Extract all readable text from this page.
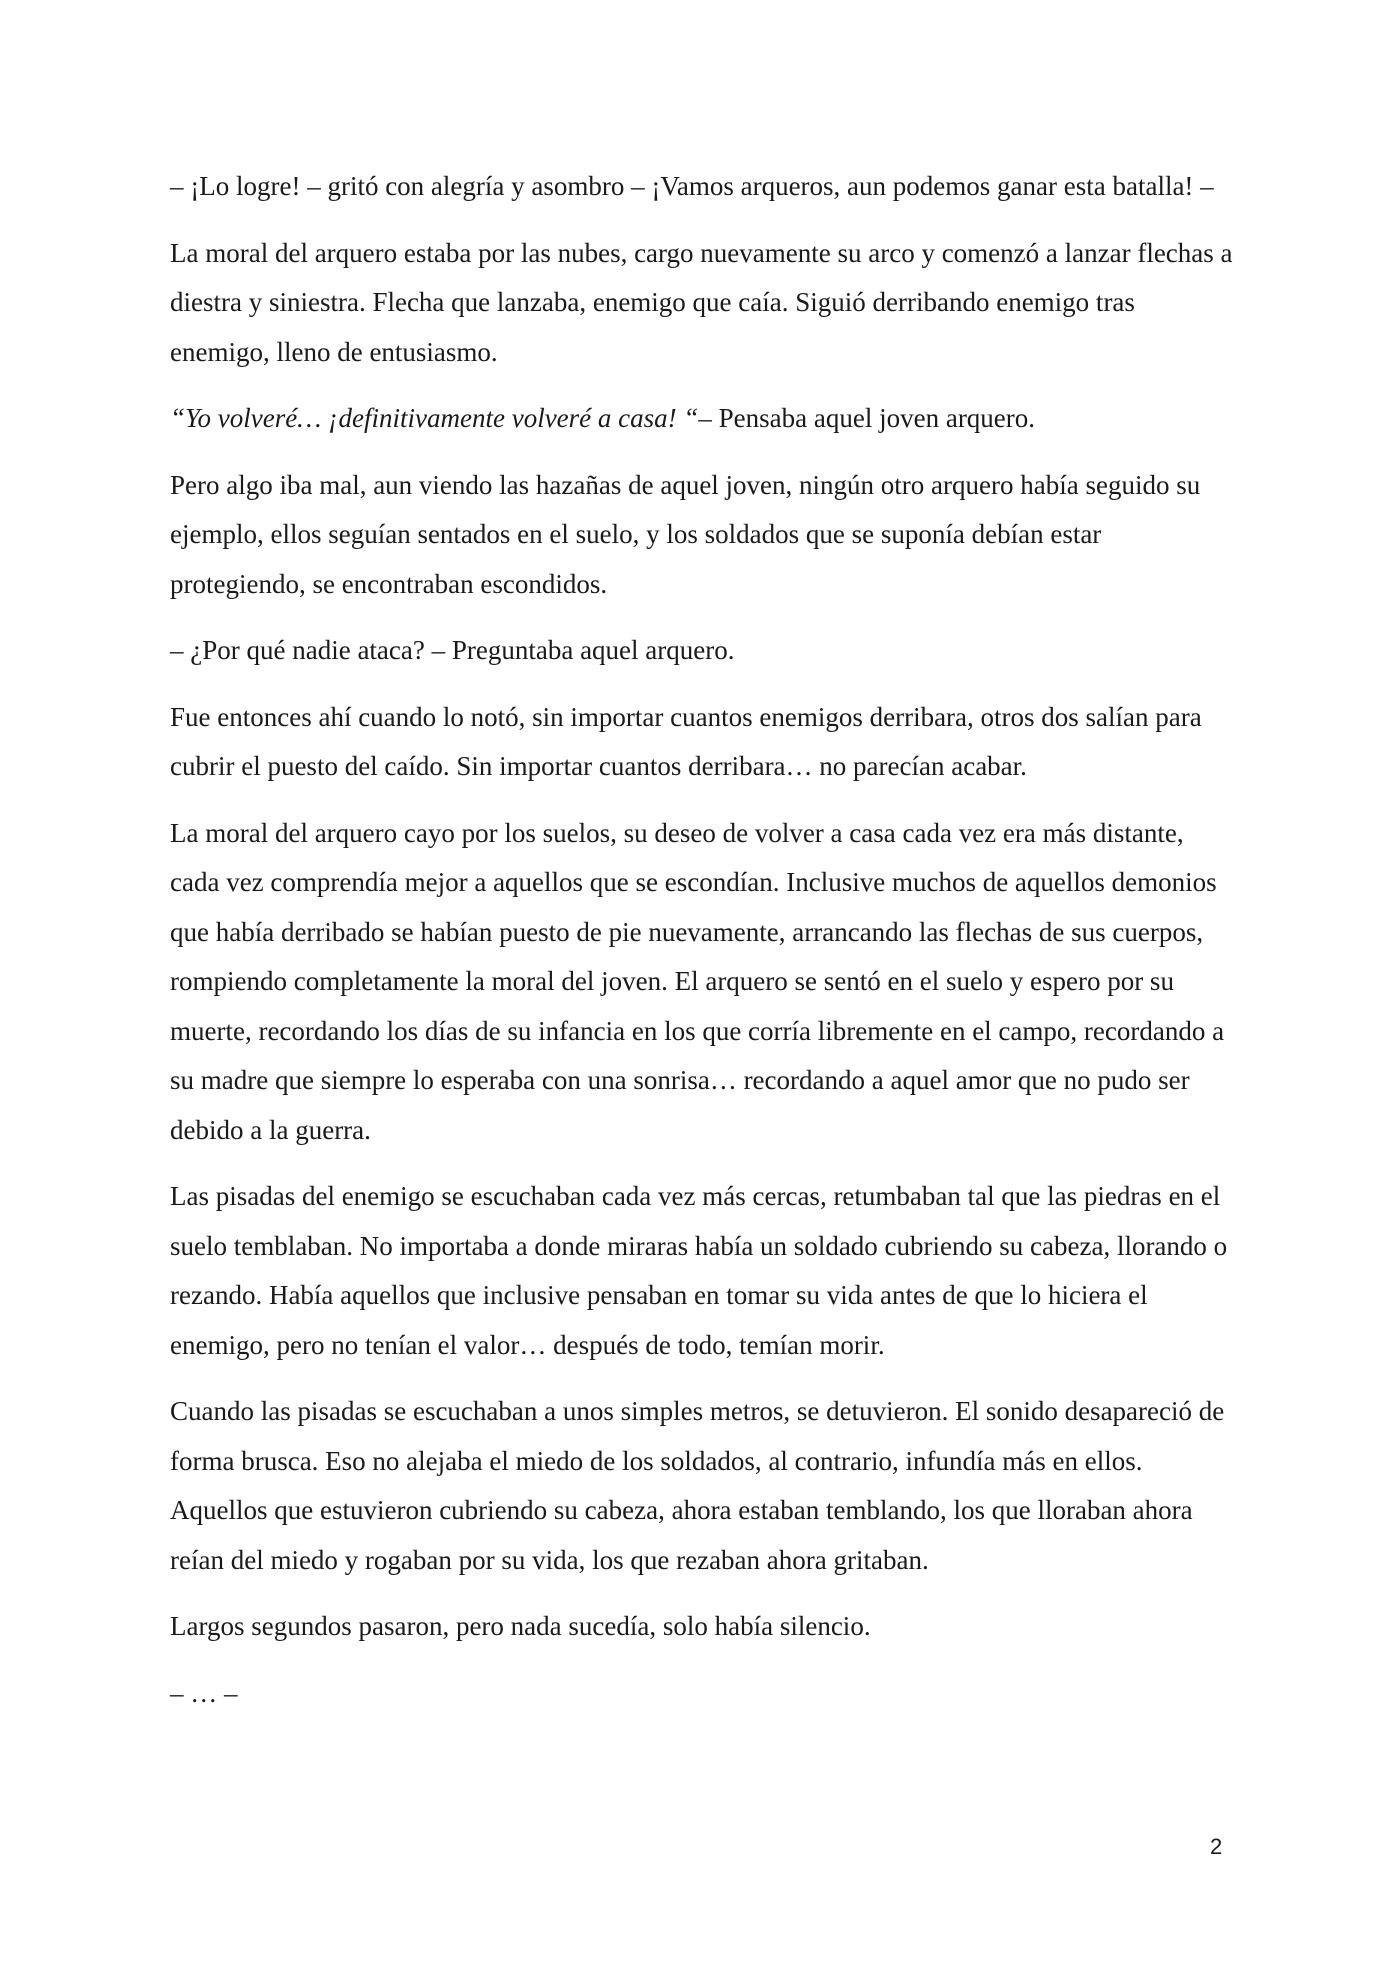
– ¡Lo logre! – gritó con alegría y asombro – ¡Vamos arqueros, aun podemos ganar esta batalla! –

La moral del arquero estaba por las nubes, cargo nuevamente su arco y comenzó a lanzar flechas a diestra y siniestra. Flecha que lanzaba, enemigo que caía. Siguió derribando enemigo tras enemigo, lleno de entusiasmo.

“Yo volveré… ¡definitivamente volveré a casa! “– Pensaba aquel joven arquero.

Pero algo iba mal, aun viendo las hazañas de aquel joven, ningún otro arquero había seguido su ejemplo, ellos seguían sentados en el suelo, y los soldados que se suponía debían estar protegiendo, se encontraban escondidos.

– ¿Por qué nadie ataca? – Preguntaba aquel arquero.

Fue entonces ahí cuando lo notó, sin importar cuantos enemigos derribara, otros dos salían para cubrir el puesto del caído. Sin importar cuantos derribara… no parecían acabar.

La moral del arquero cayo por los suelos, su deseo de volver a casa cada vez era más distante, cada vez comprendía mejor a aquellos que se escondían. Inclusive muchos de aquellos demonios que había derribado se habían puesto de pie nuevamente, arrancando las flechas de sus cuerpos, rompiendo completamente la moral del joven. El arquero se sentó en el suelo y espero por su muerte, recordando los días de su infancia en los que corría libremente en el campo, recordando a su madre que siempre lo esperaba con una sonrisa… recordando a aquel amor que no pudo ser debido a la guerra.

Las pisadas del enemigo se escuchaban cada vez más cercas, retumbaban tal que las piedras en el suelo temblaban. No importaba a donde miraras había un soldado cubriendo su cabeza, llorando o rezando. Había aquellos que inclusive pensaban en tomar su vida antes de que lo hiciera el enemigo, pero no tenían el valor… después de todo, temían morir.

Cuando las pisadas se escuchaban a unos simples metros, se detuvieron. El sonido desapareció de forma brusca. Eso no alejaba el miedo de los soldados, al contrario, infundía más en ellos. Aquellos que estuvieron cubriendo su cabeza, ahora estaban temblando, los que lloraban ahora reían del miedo y rogaban por su vida, los que rezaban ahora gritaban.

Largos segundos pasaron, pero nada sucedía, solo había silencio.

– … –

2
